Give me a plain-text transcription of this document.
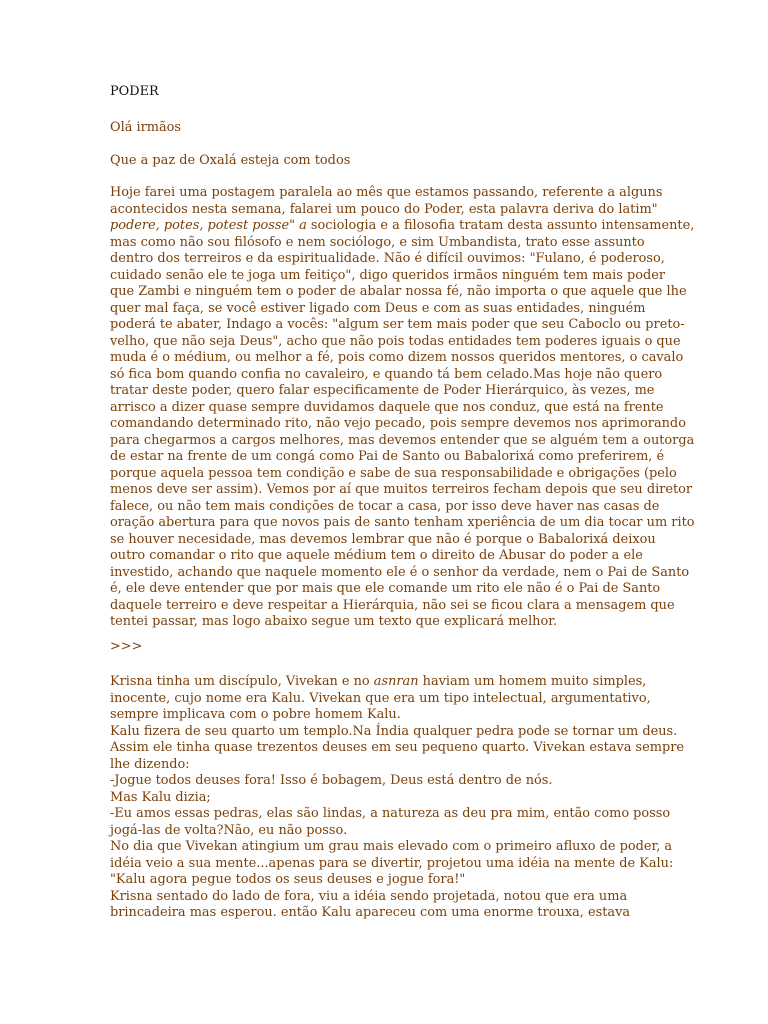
PODER

Olá irmãos

Que a paz de Oxalá esteja com todos

Hoje farei uma postagem paralela ao mês que estamos passando, referente a alguns
acontecidos nesta semana, falarei um pouco do Poder, esta palavra deriva do latim"
podere, potes, potest posse" a sociologia e a filosofia tratam desta assunto intensamente,
mas como não sou filósofo e nem sociólogo, e sim Umbandista, trato esse assunto
dentro dos terreiros e da espiritualidade. Não é difícil ouvimos: "Fulano, é poderoso,
cuidado senão ele te joga um feitiço", digo queridos irmãos ninguém tem mais poder
que Zambi e ninguém tem o poder de abalar nossa fé, não importa o que aquele que lhe
quer mal faça, se você estiver ligado com Deus e com as suas entidades, ninguém
poderá te abater, Indago a vocês: "algum ser tem mais poder que seu Caboclo ou preto-
velho, que não seja Deus", acho que não pois todas entidades tem poderes iguais o que
muda é o médium, ou melhor a fé, pois como dizem nossos queridos mentores, o cavalo
só fica bom quando confia no cavaleiro, e quando tá bem celado.Mas hoje não quero
tratar deste poder, quero falar especificamente de Poder Hierárquico, às vezes, me
arrisco a dizer quase sempre duvidamos daquele que nos conduz, que está na frente
comandando determinado rito, não vejo pecado, pois sempre devemos nos aprimorando
para chegarmos a cargos melhores, mas devemos entender que se alguém tem a outorga
de estar na frente de um congá como Pai de Santo ou Babalorixá como preferirem, é
porque aquela pessoa tem condição e sabe de sua responsabilidade e obrigações (pelo
menos deve ser assim). Vemos por aí que muitos terreiros fecham depois que seu diretor
falece, ou não tem mais condições de tocar a casa, por isso deve haver nas casas de
oração abertura para que novos pais de santo tenham xperiência de um dia tocar um rito
se houver necesidade, mas devemos lembrar que não é porque o Babalorixá deixou
outro comandar o rito que aquele médium tem o direito de Abusar do poder a ele
investido, achando que naquele momento ele é o senhor da verdade, nem o Pai de Santo
é, ele deve entender que por mais que ele comande um rito ele não é o Pai de Santo
daquele terreiro e deve respeitar a Hierárquia, não sei se ficou clara a mensagem que
tentei passar, mas logo abaixo segue um texto que explicará melhor.

>>>

Krisna tinha um discípulo, Vivekan e no asnran haviam um homem muito simples,
inocente, cujo nome era Kalu. Vivekan que era um tipo intelectual, argumentativo,
sempre implicava com o pobre homem Kalu.
Kalu fizera de seu quarto um templo.Na Índia qualquer pedra pode se tornar um deus.
Assim ele tinha quase trezentos deuses em seu pequeno quarto. Vivekan estava sempre
lhe dizendo:
-Jogue todos deuses fora! Isso é bobagem, Deus está dentro de nós.
Mas Kalu dizia;
-Eu amos essas pedras, elas são lindas, a natureza as deu pra mim, então como posso
jogá-las de volta?Não, eu não posso.
No dia que Vivekan atingium um grau mais elevado com o primeiro afluxo de poder, a
idéia veio a sua mente...apenas para se divertir, projetou uma idéia na mente de Kalu:
"Kalu agora pegue todos os seus deuses e jogue fora!"
Krisna sentado do lado de fora, viu a idéia sendo projetada, notou que era uma
brincadeira mas esperou. então Kalu apareceu com uma enorme trouxa, estava
